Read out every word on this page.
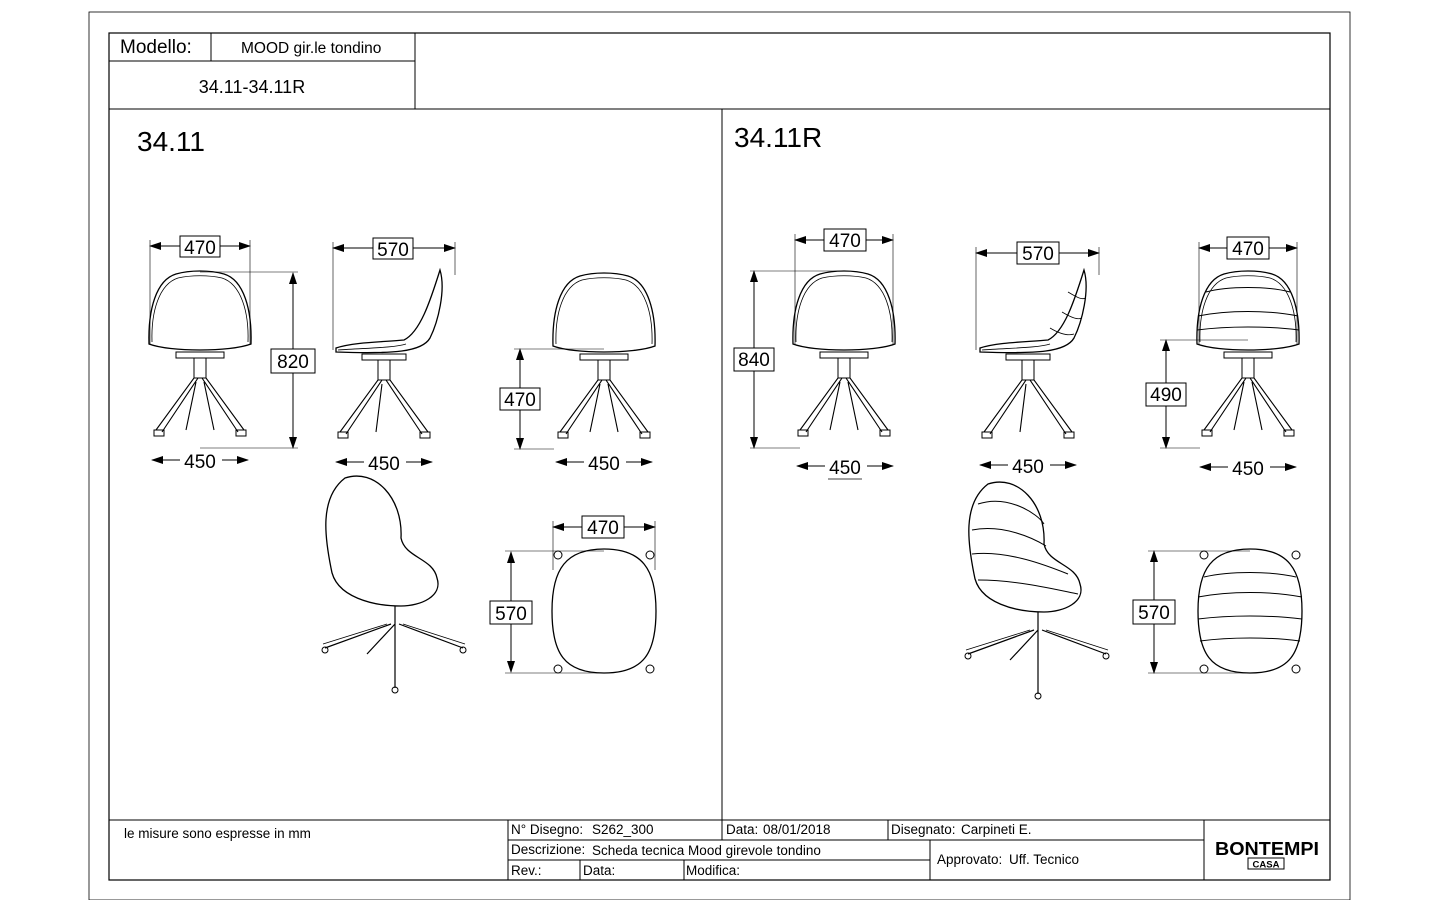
Modello:	MOOD gir.le tondino
34.11-34.11R
34.11
470
820
450
570
450
470
450
470
570
34.11R
470
840
450
570
450
470
490
450
570
le misure sono espresse in mm	N° Disegno: S262_300	Data: 08/01/2018	Disegnato: Carpineti E.
Descrizione: Scheda tecnica Mood girevole tondino
Approvato: Uff. Tecnico
Rev.:	Data:	Modifica:
BONTEMPI
CASA
